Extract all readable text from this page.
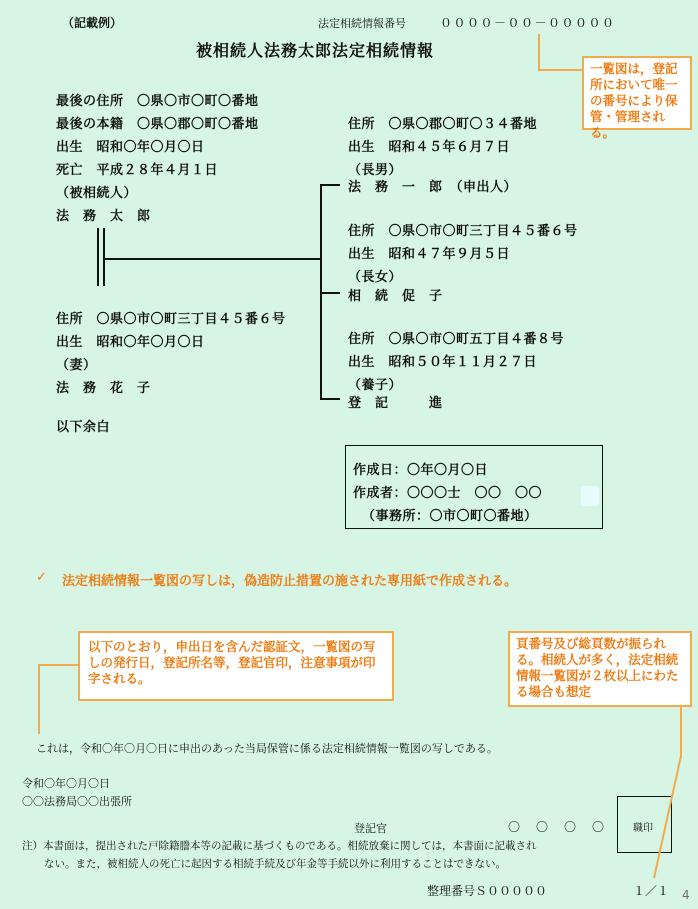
（記載例）	法定相続情報番号	００００－００－０００００
被相続人法務太郎法定相続情報
一覧図は，登記所において唯一の番号により保管・管理される。
最後の住所　〇県〇市〇町〇番地
最後の本籍　〇県〇郡〇町〇番地
出生　昭和〇年〇月〇日
死亡　平成２８年４月１日
（被相続人）
法　務　太　郎
住所　〇県〇市〇町三丁目４５番６号
出生　昭和〇年〇月〇日
（妻）
法　務　花　子
以下余白
住所　〇県〇郡〇町〇３４番地
出生　昭和４５年６月７日
（長男）
法　務　一　郎　（申出人）
住所　〇県〇市〇町三丁目４５番６号
出生　昭和４７年９月５日
（長女）
相　続　促　子
住所　〇県〇市〇町五丁目４番８号
出生　昭和５０年１１月２７日
（養子）
登　記　　　進
作成日：〇年〇月〇日
作成者：〇〇〇士　〇〇　〇〇
（事務所：〇市〇町〇番地）
✓ 法定相続情報一覧図の写しは，偽造防止措置の施された専用紙で作成される。
以下のとおり，申出日を含んだ認証文，一覧図の写しの発行日，登記所名等，登記官印，注意事項が印字される。
頁番号及び総頁数が振られる。相続人が多く，法定相続情報一覧図が２枚以上にわたる場合も想定
これは，令和〇年〇月〇日に申出のあった当局保管に係る法定相続情報一覧図の写しである。
令和〇年〇月〇日
〇〇法務局〇〇出張所
登記官	〇　〇　〇　〇	職印
注）本書面は，提出された戸除籍謄本等の記載に基づくものである。相続放棄に関しては，本書面に記載され
ない。また，被相続人の死亡に起因する相続手続及び年金等手続以外に利用することはできない。
整理番号Ｓ０００００	１／１ 4
